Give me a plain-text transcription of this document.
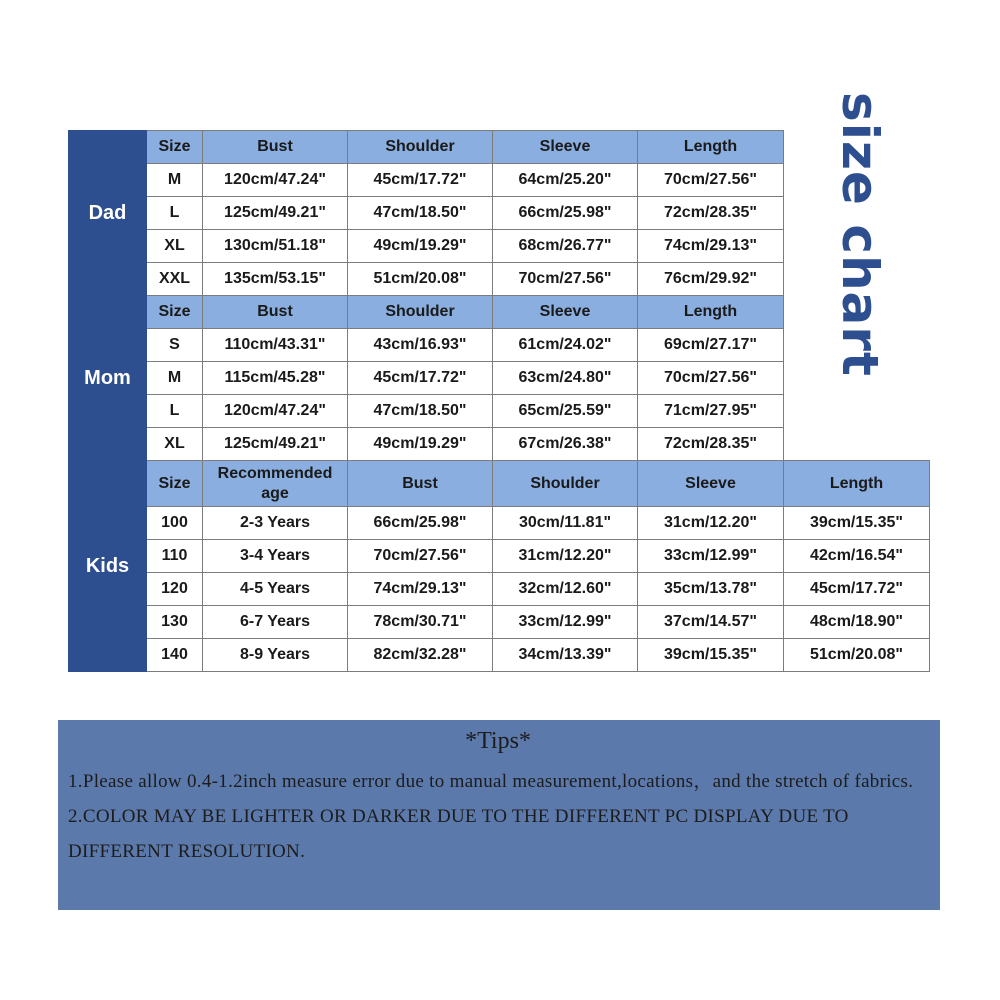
size chart
Dad	Size	Bust	Shoulder	Sleeve	Length	
	M	120cm/47.24"	45cm/17.72"	64cm/25.20"	70cm/27.56"	
	L	125cm/49.21"	47cm/18.50"	66cm/25.98"	72cm/28.35"	
	XL	130cm/51.18"	49cm/19.29"	68cm/26.77"	74cm/29.13"	
	XXL	135cm/53.15"	51cm/20.08"	70cm/27.56"	76cm/29.92"	
Mom	Size	Bust	Shoulder	Sleeve	Length	
	S	110cm/43.31"	43cm/16.93"	61cm/24.02"	69cm/27.17"	
	M	115cm/45.28"	45cm/17.72"	63cm/24.80"	70cm/27.56"	
	L	120cm/47.24"	47cm/18.50"	65cm/25.59"	71cm/27.95"	
	XL	125cm/49.21"	49cm/19.29"	67cm/26.38"	72cm/28.35"	
Kids	Size	Recommended age	Bust	Shoulder	Sleeve	Length
	100	2-3 Years	66cm/25.98"	30cm/11.81"	31cm/12.20"	39cm/15.35"
	110	3-4 Years	70cm/27.56"	31cm/12.20"	33cm/12.99"	42cm/16.54"
	120	4-5 Years	74cm/29.13"	32cm/12.60"	35cm/13.78"	45cm/17.72"
	130	6-7 Years	78cm/30.71"	33cm/12.99"	37cm/14.57"	48cm/18.90"
	140	8-9 Years	82cm/32.28"	34cm/13.39"	39cm/15.35"	51cm/20.08"
*Tips*

1.Please allow 0.4-1.2inch measure error due to manual measurement,locations，and the stretch of fabrics.

2.COLOR MAY BE LIGHTER OR DARKER DUE TO THE DIFFERENT PC DISPLAY DUE TO DIFFERENT RESOLUTION.
